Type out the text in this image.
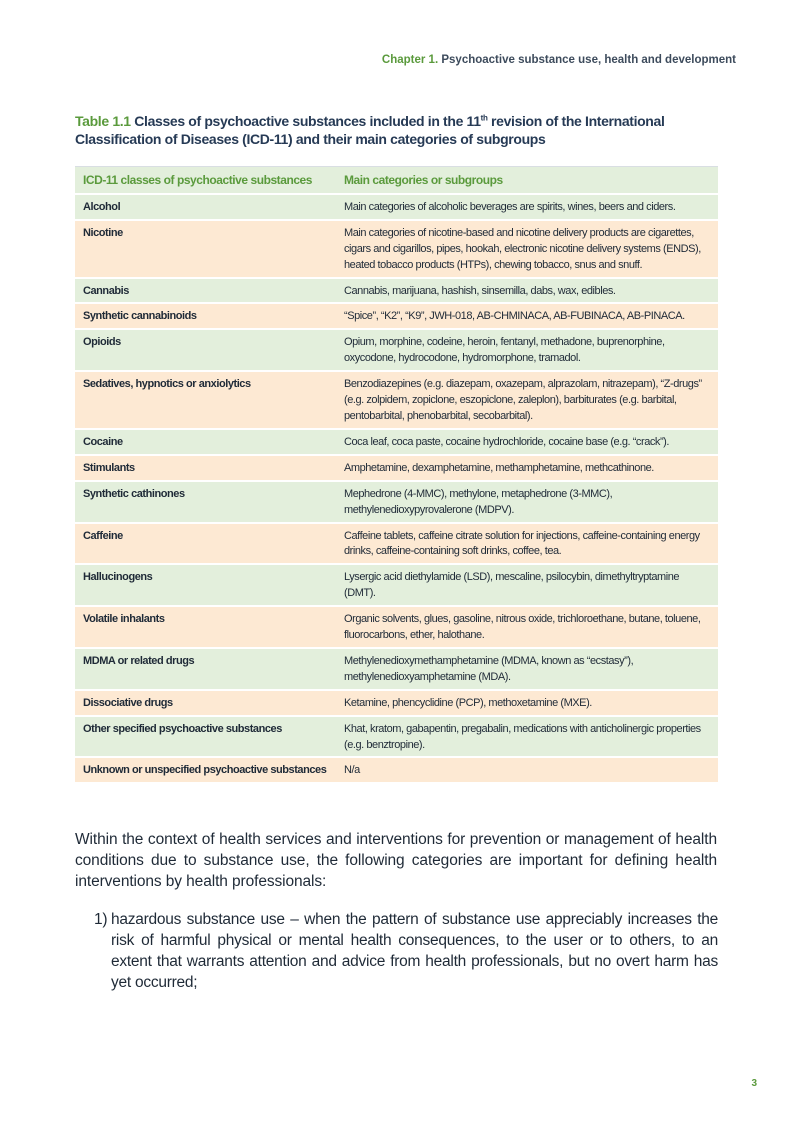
Chapter 1. Psychoactive substance use, health and development
Table 1.1 Classes of psychoactive substances included in the 11th revision of the International Classification of Diseases (ICD-11) and their main categories of subgroups
ICD-11 classes of psychoactive substances	Main categories or subgroups
Alcohol	Main categories of alcoholic beverages are spirits, wines, beers and ciders.
Nicotine	Main categories of nicotine-based and nicotine delivery products are cigarettes, cigars and cigarillos, pipes, hookah, electronic nicotine delivery systems (ENDS), heated tobacco products (HTPs), chewing tobacco, snus and snuff.
Cannabis	Cannabis, marijuana, hashish, sinsemilla, dabs, wax, edibles.
Synthetic cannabinoids	“Spice”, “K2”, “K9”, JWH-018, AB-CHMINACA, AB-FUBINACA, AB-PINACA.
Opioids	Opium, morphine, codeine, heroin, fentanyl, methadone, buprenorphine, oxycodone, hydrocodone, hydromorphone, tramadol.
Sedatives, hypnotics or anxiolytics	Benzodiazepines (e.g. diazepam, oxazepam, alprazolam, nitrazepam), “Z-drugs” (e.g. zolpidem, zopiclone, eszopiclone, zaleplon), barbiturates (e.g. barbital, pentobarbital, phenobarbital, secobarbital).
Cocaine	Coca leaf, coca paste, cocaine hydrochloride, cocaine base (e.g. “crack”).
Stimulants	Amphetamine, dexamphetamine, methamphetamine, methcathinone.
Synthetic cathinones	Mephedrone (4-MMC), methylone, metaphedrone (3-MMC), methylenedioxypyrovalerone (MDPV).
Caffeine	Caffeine tablets, caffeine citrate solution for injections, caffeine-containing energy drinks, caffeine-containing soft drinks, coffee, tea.
Hallucinogens	Lysergic acid diethylamide (LSD), mescaline, psilocybin, dimethyltryptamine (DMT).
Volatile inhalants	Organic solvents, glues, gasoline, nitrous oxide, trichloroethane, butane, toluene, fluorocarbons, ether, halothane.
MDMA or related drugs	Methylenedioxymethamphetamine (MDMA, known as “ecstasy”), methylenedioxyamphetamine (MDA).
Dissociative drugs	Ketamine, phencyclidine (PCP), methoxetamine (MXE).
Other specified psychoactive substances	Khat, kratom, gabapentin, pregabalin, medications with anticholinergic properties (e.g. benztropine).
Unknown or unspecified psychoactive substances	N/a
Within the context of health services and interventions for prevention or management of health conditions due to substance use, the following categories are important for defining health interventions by health professionals:
1) hazardous substance use – when the pattern of substance use appreciably increases the risk of harmful physical or mental health consequences, to the user or to others, to an extent that warrants attention and advice from health professionals, but no overt harm has yet occurred;
3
